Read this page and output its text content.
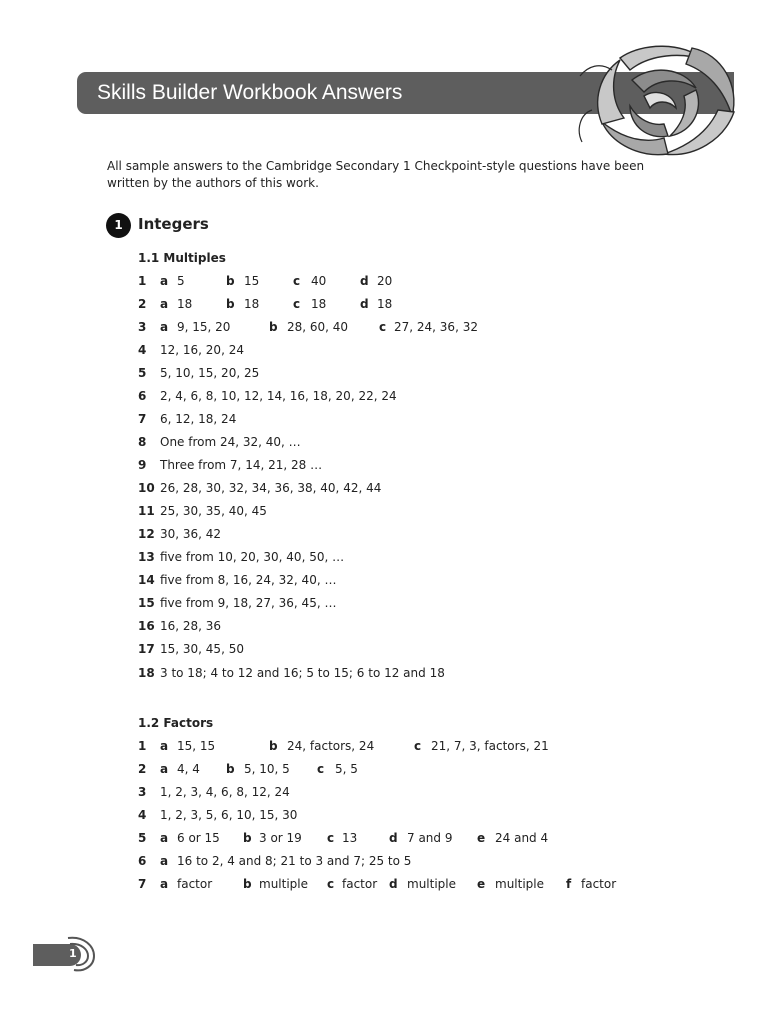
Skills Builder Workbook Answers
All sample answers to the Cambridge Secondary 1 Checkpoint-style questions have been written by the authors of this work.
1	Integers
1.1 Multiples
1 a 5	b 15	c 40	d 20
2 a 18	b 18	c 18	d 18
3 a 9, 15, 20	b 28, 60, 40	c 27, 24, 36, 32
4 12, 16, 20, 24
5 5, 10, 15, 20, 25
6 2, 4, 6, 8, 10, 12, 14, 16, 18, 20, 22, 24
7 6, 12, 18, 24
8 One from 24, 32, 40, …
9 Three from 7, 14, 21, 28 …
10 26, 28, 30, 32, 34, 36, 38, 40, 42, 44
11 25, 30, 35, 40, 45
12 30, 36, 42
13 five from 10, 20, 30, 40, 50, …
14 five from 8, 16, 24, 32, 40, …
15 five from 9, 18, 27, 36, 45, …
16 16, 28, 36
17 15, 30, 45, 50
18 3 to 18; 4 to 12 and 16; 5 to 15; 6 to 12 and 18
1.2 Factors
1 a 15, 15	b 24, factors, 24	c 21, 7, 3, factors, 21
2 a 4, 4 b 5, 10, 5 c 5, 5
3 1, 2, 3, 4, 6, 8, 12, 24
4 1, 2, 3, 5, 6, 10, 15, 30
5 a 6 or 15 b 3 or 19 c 13	d 7 and 9 e 24 and 4
6 a 16 to 2, 4 and 8; 21 to 3 and 7; 25 to 5
7 a factor	b multiple c factor d multiple e multiple f factor
1
